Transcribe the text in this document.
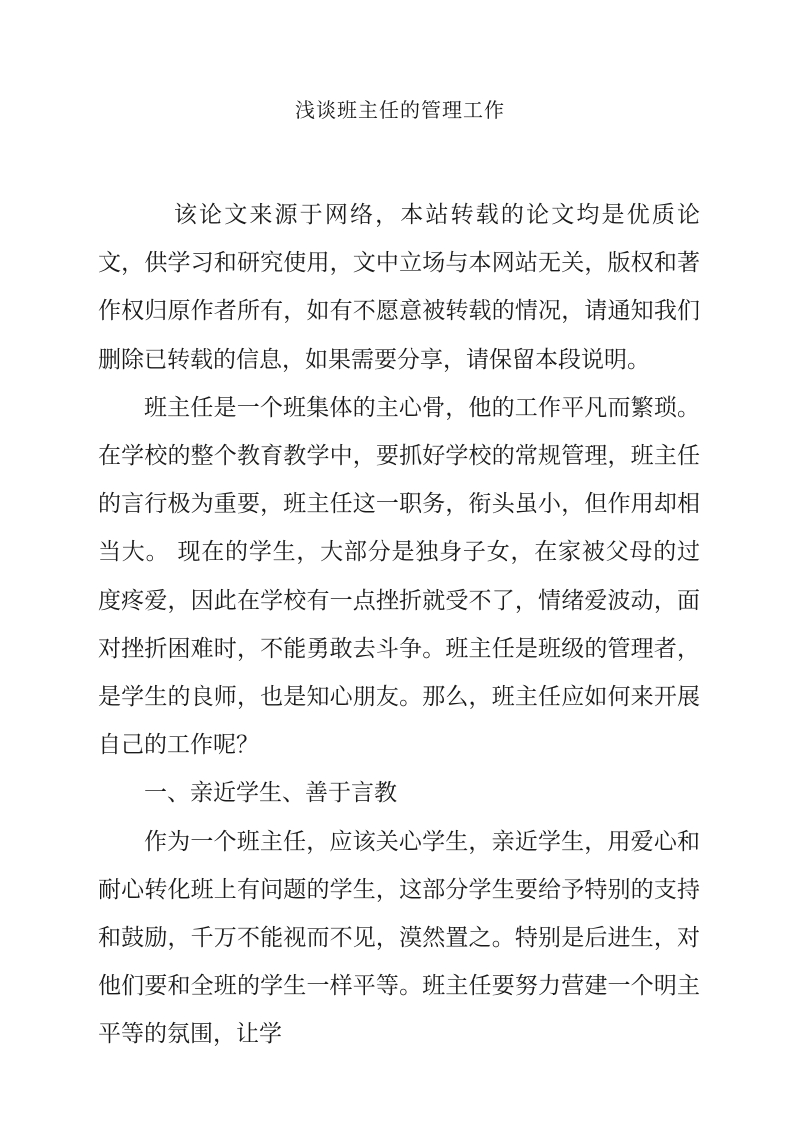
浅谈班主任的管理工作

该论文来源于网络，本站转载的论文均是优质论文，供学习和研究使用，文中立场与本网站无关，版权和著作权归原作者所有，如有不愿意被转载的情况，请通知我们删除已转载的信息，如果需要分享，请保留本段说明。

班主任是一个班集体的主心骨，他的工作平凡而繁琐。在学校的整个教育教学中，要抓好学校的常规管理，班主任的言行极为重要，班主任这一职务，衔头虽小，但作用却相当大。 现在的学生，大部分是独身子女，在家被父母的过度疼爱，因此在学校有一点挫折就受不了，情绪爱波动，面对挫折困难时，不能勇敢去斗争。班主任是班级的管理者，是学生的良师，也是知心朋友。那么，班主任应如何来开展自己的工作呢？

一、亲近学生、善于言教

作为一个班主任，应该关心学生，亲近学生，用爱心和耐心转化班上有问题的学生，这部分学生要给予特别的支持和鼓励，千万不能视而不见，漠然置之。特别是后进生，对他们要和全班的学生一样平等。班主任要努力营建一个明主平等的氛围，让学
